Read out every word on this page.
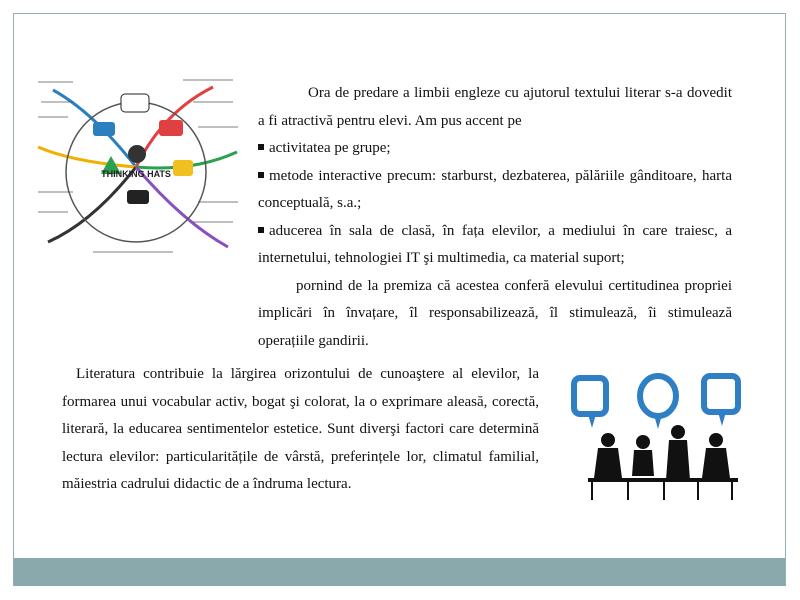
THINKING HATS
Ora de predare a limbii engleze cu ajutorul textului literar s-a dovedit a fi atractivă pentru elevi. Am pus accent pe
activitatea pe grupe;
metode interactive precum: starburst, dezbaterea, pălăriile gânditoare, harta conceptuală, s.a.;
aducerea în sala de clasă, în fața elevilor, a mediului în care traiesc, a internetului, tehnologiei IT şi multimedia, ca material suport;
pornind de la premiza că acestea conferă elevului certitudinea propriei implicări în învațare, îl responsabilizează, îl stimulează, îi stimulează operațiile gandirii.

Literatura contribuie la lărgirea orizontului de cunoaştere al elevilor, la formarea unui vocabular activ, bogat şi colorat, la o exprimare aleasă, corectă, literară, la educarea sentimentelor estetice. Sunt diverşi factori care determină lectura elevilor: particularitățile de vârstă, preferințele lor, climatul familial, măiestria cadrului didactic de a îndruma lectura.
